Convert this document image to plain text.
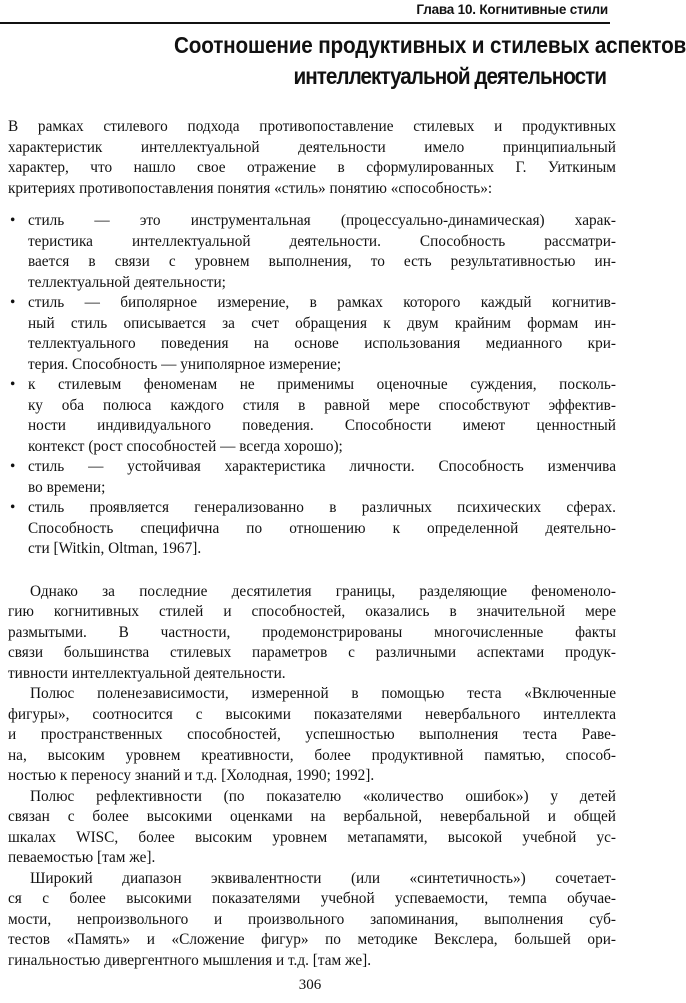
Глава 10. Когнитивные стили
Соотношение продуктивных и стилевых аспектов
интеллектуальной деятельности

В рамках стилевого подхода противопоставление стилевых и продуктивных
характеристик интеллектуальной деятельности имело принципиальный
характер, что нашло свое отражение в сформулированных Г. Уиткиным
критериях противопоставления понятия «стиль» понятию «способность»:

• стиль — это инструментальная (процессуально-динамическая) харак-
теристика интеллектуальной деятельности. Способность рассматри-
вается в связи с уровнем выполнения, то есть результативностью ин-
теллектуальной деятельности;
• стиль — биполярное измерение, в рамках которого каждый когнитив-
ный стиль описывается за счет обращения к двум крайним формам ин-
теллектуального поведения на основе использования медианного кри-
терия. Способность — униполярное измерение;
• к стилевым феноменам не применимы оценочные суждения, посколь-
ку оба полюса каждого стиля в равной мере способствуют эффектив-
ности индивидуального поведения. Способности имеют ценностный
контекст (рост способностей — всегда хорошо);
• стиль — устойчивая характеристика личности. Способность изменчива
во времени;
• стиль проявляется генерализованно в различных психических сферах.
Способность специфична по отношению к определенной деятельно-
сти [Witkin, Oltman, 1967].

Однако за последние десятилетия границы, разделяющие феноменоло-
гию когнитивных стилей и способностей, оказались в значительной мере
размытыми. В частности, продемонстрированы многочисленные факты
связи большинства стилевых параметров с различными аспектами продук-
тивности интеллектуальной деятельности.

Полюс поленезависимости, измеренной в помощью теста «Включенные
фигуры», соотносится с высокими показателями невербального интеллекта
и пространственных способностей, успешностью выполнения теста Раве-
на, высоким уровнем креативности, более продуктивной памятью, способ-
ностью к переносу знаний и т.д. [Холодная, 1990; 1992].

Полюс рефлективности (по показателю «количество ошибок») у детей
связан с более высокими оценками на вербальной, невербальной и общей
шкалах WISC, более высоким уровнем метапамяти, высокой учебной ус-
певаемостью [там же].

Широкий диапазон эквивалентности (или «синтетичность») сочетает-
ся с более высокими показателями учебной успеваемости, темпа обучае-
мости, непроизвольного и произвольного запоминания, выполнения суб-
тестов «Память» и «Сложение фигур» по методике Векслера, большей ори-
гинальностью дивергентного мышления и т.д. [там же].

306
